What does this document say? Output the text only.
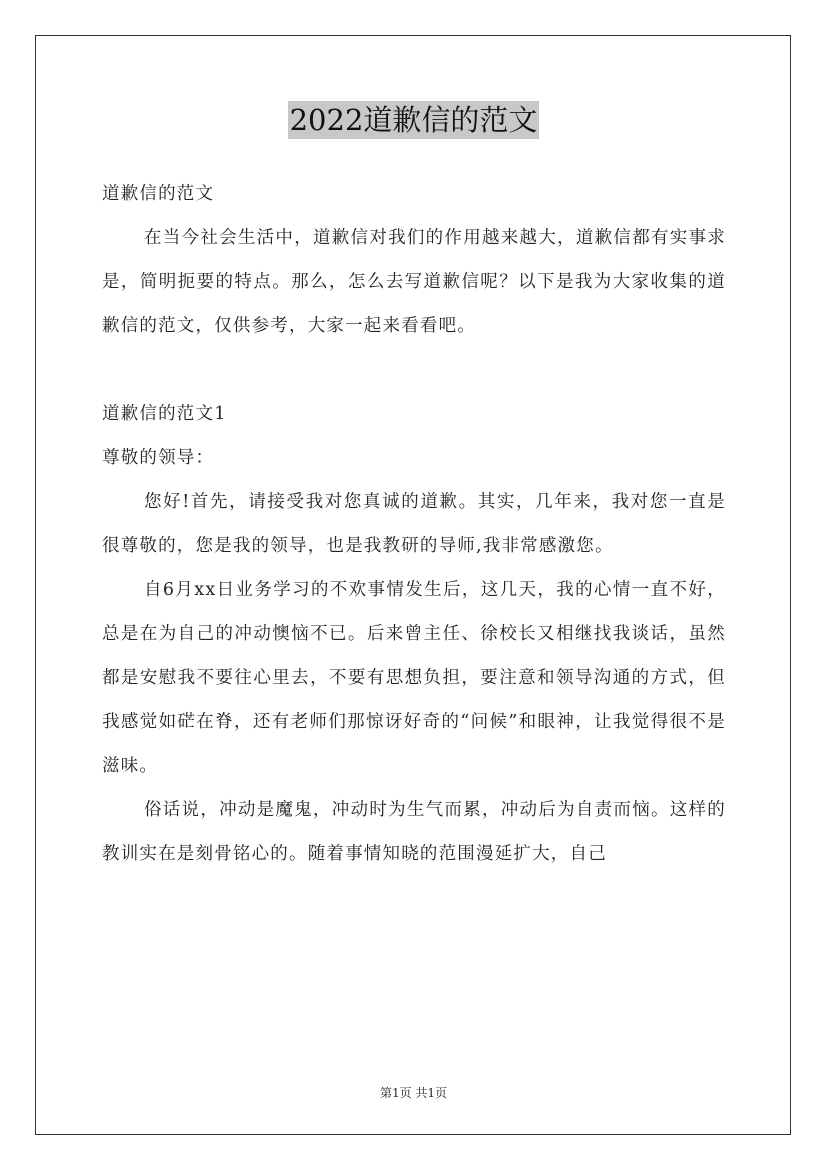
2022道歉信的范文

道歉信的范文

在当今社会生活中，道歉信对我们的作用越来越大，道歉信都有实事求是，简明扼要的特点。那么，怎么去写道歉信呢？以下是我为大家收集的道歉信的范文，仅供参考，大家一起来看看吧。

道歉信的范文1

尊敬的领导：

您好!首先，请接受我对您真诚的道歉。其实，几年来，我对您一直是很尊敬的，您是我的领导，也是我教研的导师,我非常感激您。

自6月xx日业务学习的不欢事情发生后，这几天，我的心情一直不好，总是在为自己的冲动懊恼不已。后来曾主任、徐校长又相继找我谈话，虽然都是安慰我不要往心里去，不要有思想负担，要注意和领导沟通的方式，但我感觉如硭在脊，还有老师们那惊讶好奇的“问候”和眼神，让我觉得很不是滋味。

俗话说，冲动是魔鬼，冲动时为生气而累，冲动后为自责而恼。这样的教训实在是刻骨铭心的。随着事情知晓的范围漫延扩大，自己

第1页 共1页
